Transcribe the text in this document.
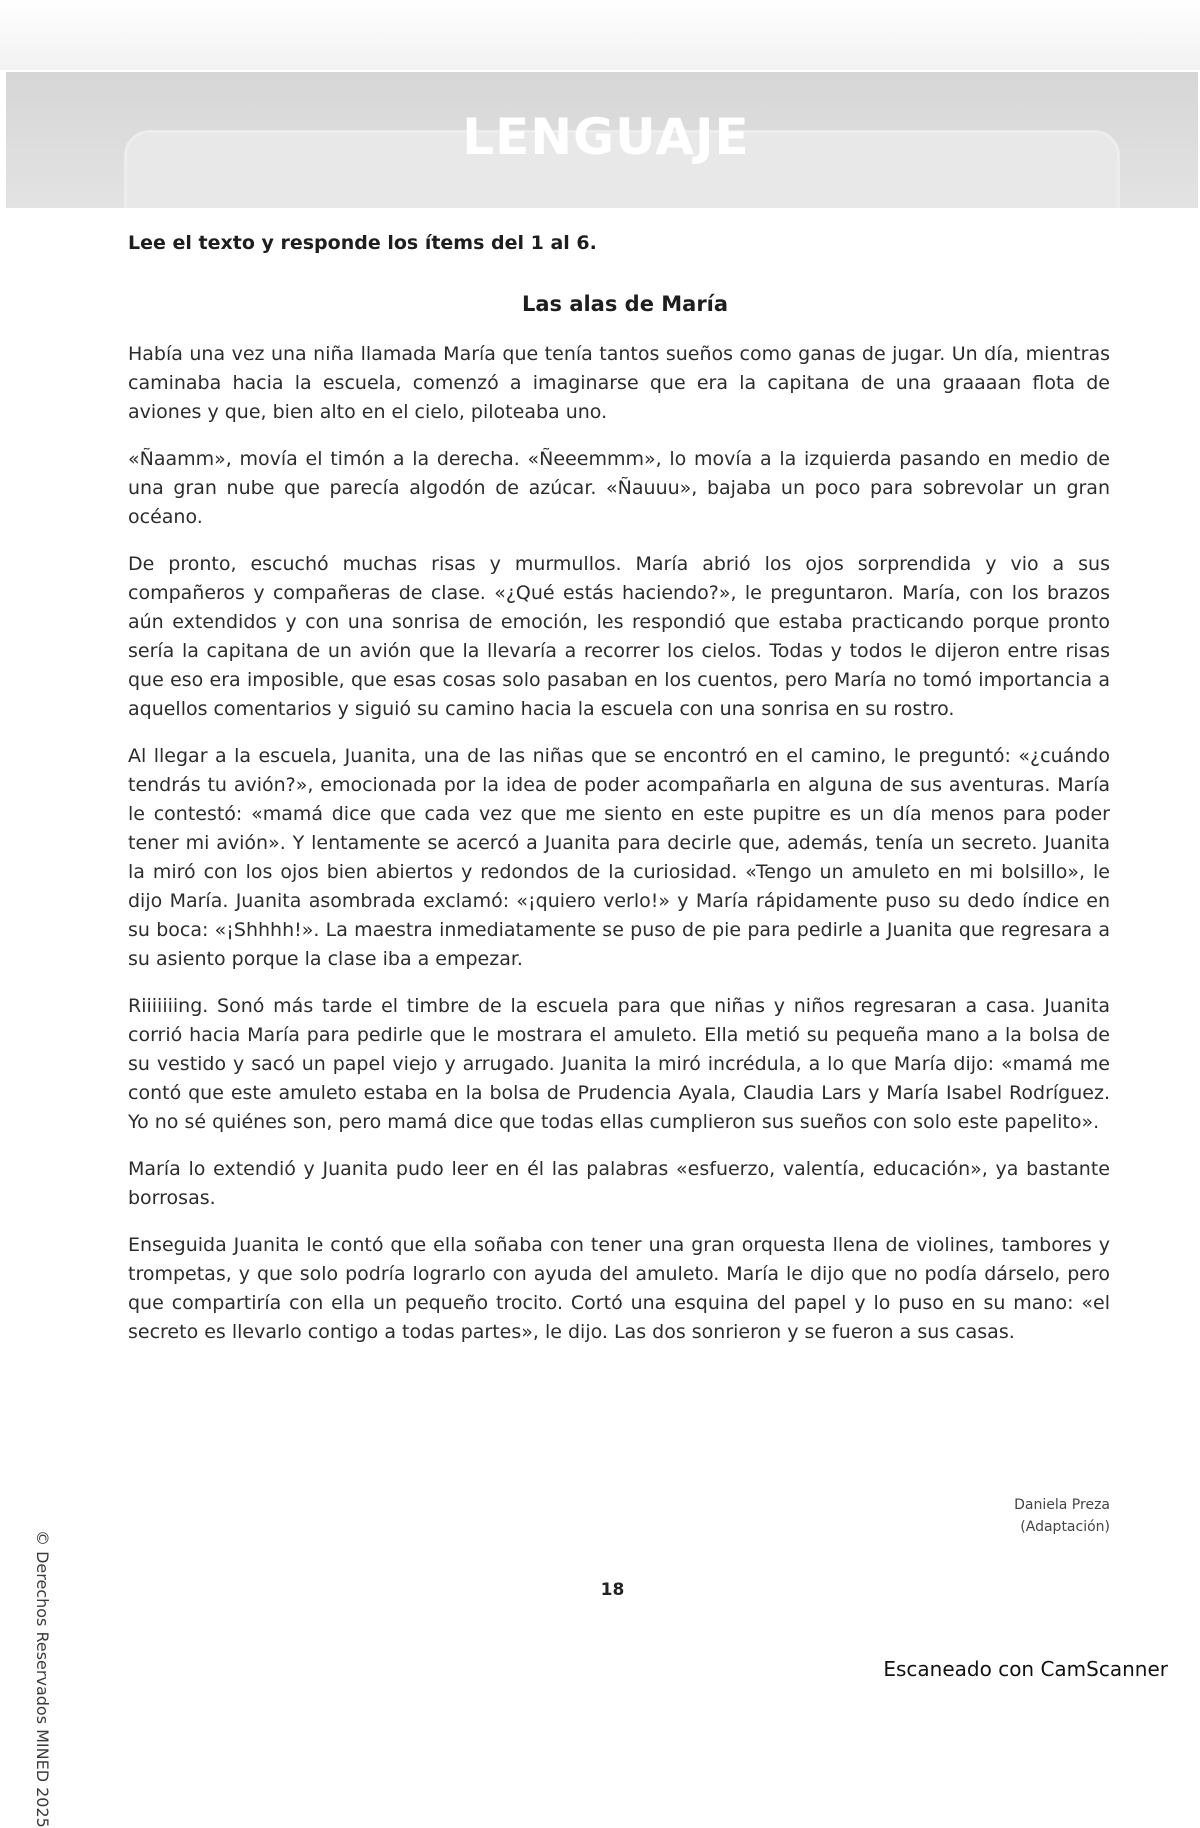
LENGUAJE
Lee el texto y responde los ítems del 1 al 6.
Las alas de María

Había una vez una niña llamada María que tenía tantos sueños como ganas de jugar. Un día, mientras caminaba hacia la escuela, comenzó a imaginarse que era la capitana de una graaaan flota de aviones y que, bien alto en el cielo, piloteaba uno.

«Ñaamm», movía el timón a la derecha. «Ñeeemmm», lo movía a la izquierda pasando en medio de una gran nube que parecía algodón de azúcar. «Ñauuu», bajaba un poco para sobrevolar un gran océano.

De pronto, escuchó muchas risas y murmullos. María abrió los ojos sorprendida y vio a sus compañeros y compañeras de clase. «¿Qué estás haciendo?», le preguntaron. María, con los brazos aún extendidos y con una sonrisa de emoción, les respondió que estaba practicando porque pronto sería la capitana de un avión que la llevaría a recorrer los cielos. Todas y todos le dijeron entre risas que eso era imposible, que esas cosas solo pasaban en los cuentos, pero María no tomó importancia a aquellos comentarios y siguió su camino hacia la escuela con una sonrisa en su rostro.

Al llegar a la escuela, Juanita, una de las niñas que se encontró en el camino, le preguntó: «¿cuándo tendrás tu avión?», emocionada por la idea de poder acompañarla en alguna de sus aventuras. María le contestó: «mamá dice que cada vez que me siento en este pupitre es un día menos para poder tener mi avión». Y lentamente se acercó a Juanita para decirle que, además, tenía un secreto. Juanita la miró con los ojos bien abiertos y redondos de la curiosidad. «Tengo un amuleto en mi bolsillo», le dijo María. Juanita asombrada exclamó: «¡quiero verlo!» y María rápidamente puso su dedo índice en su boca: «¡Shhhh!». La maestra inmediatamente se puso de pie para pedirle a Juanita que regresara a su asiento porque la clase iba a empezar.

Riiiiiiing. Sonó más tarde el timbre de la escuela para que niñas y niños regresaran a casa. Juanita corrió hacia María para pedirle que le mostrara el amuleto. Ella metió su pequeña mano a la bolsa de su vestido y sacó un papel viejo y arrugado. Juanita la miró incrédula, a lo que María dijo: «mamá me contó que este amuleto estaba en la bolsa de Prudencia Ayala, Claudia Lars y María Isabel Rodríguez. Yo no sé quiénes son, pero mamá dice que todas ellas cumplieron sus sueños con solo este papelito».

María lo extendió y Juanita pudo leer en él las palabras «esfuerzo, valentía, educación», ya bastante borrosas.

Enseguida Juanita le contó que ella soñaba con tener una gran orquesta llena de violines, tambores y trompetas, y que solo podría lograrlo con ayuda del amuleto. María le dijo que no podía dárselo, pero que compartiría con ella un pequeño trocito. Cortó una esquina del papel y lo puso en su mano: «el secreto es llevarlo contigo a todas partes», le dijo. Las dos sonrieron y se fueron a sus casas.

Daniela Preza
(Adaptación)
18
© Derechos Reservados MINED 2025	Escaneado con CamScanner
